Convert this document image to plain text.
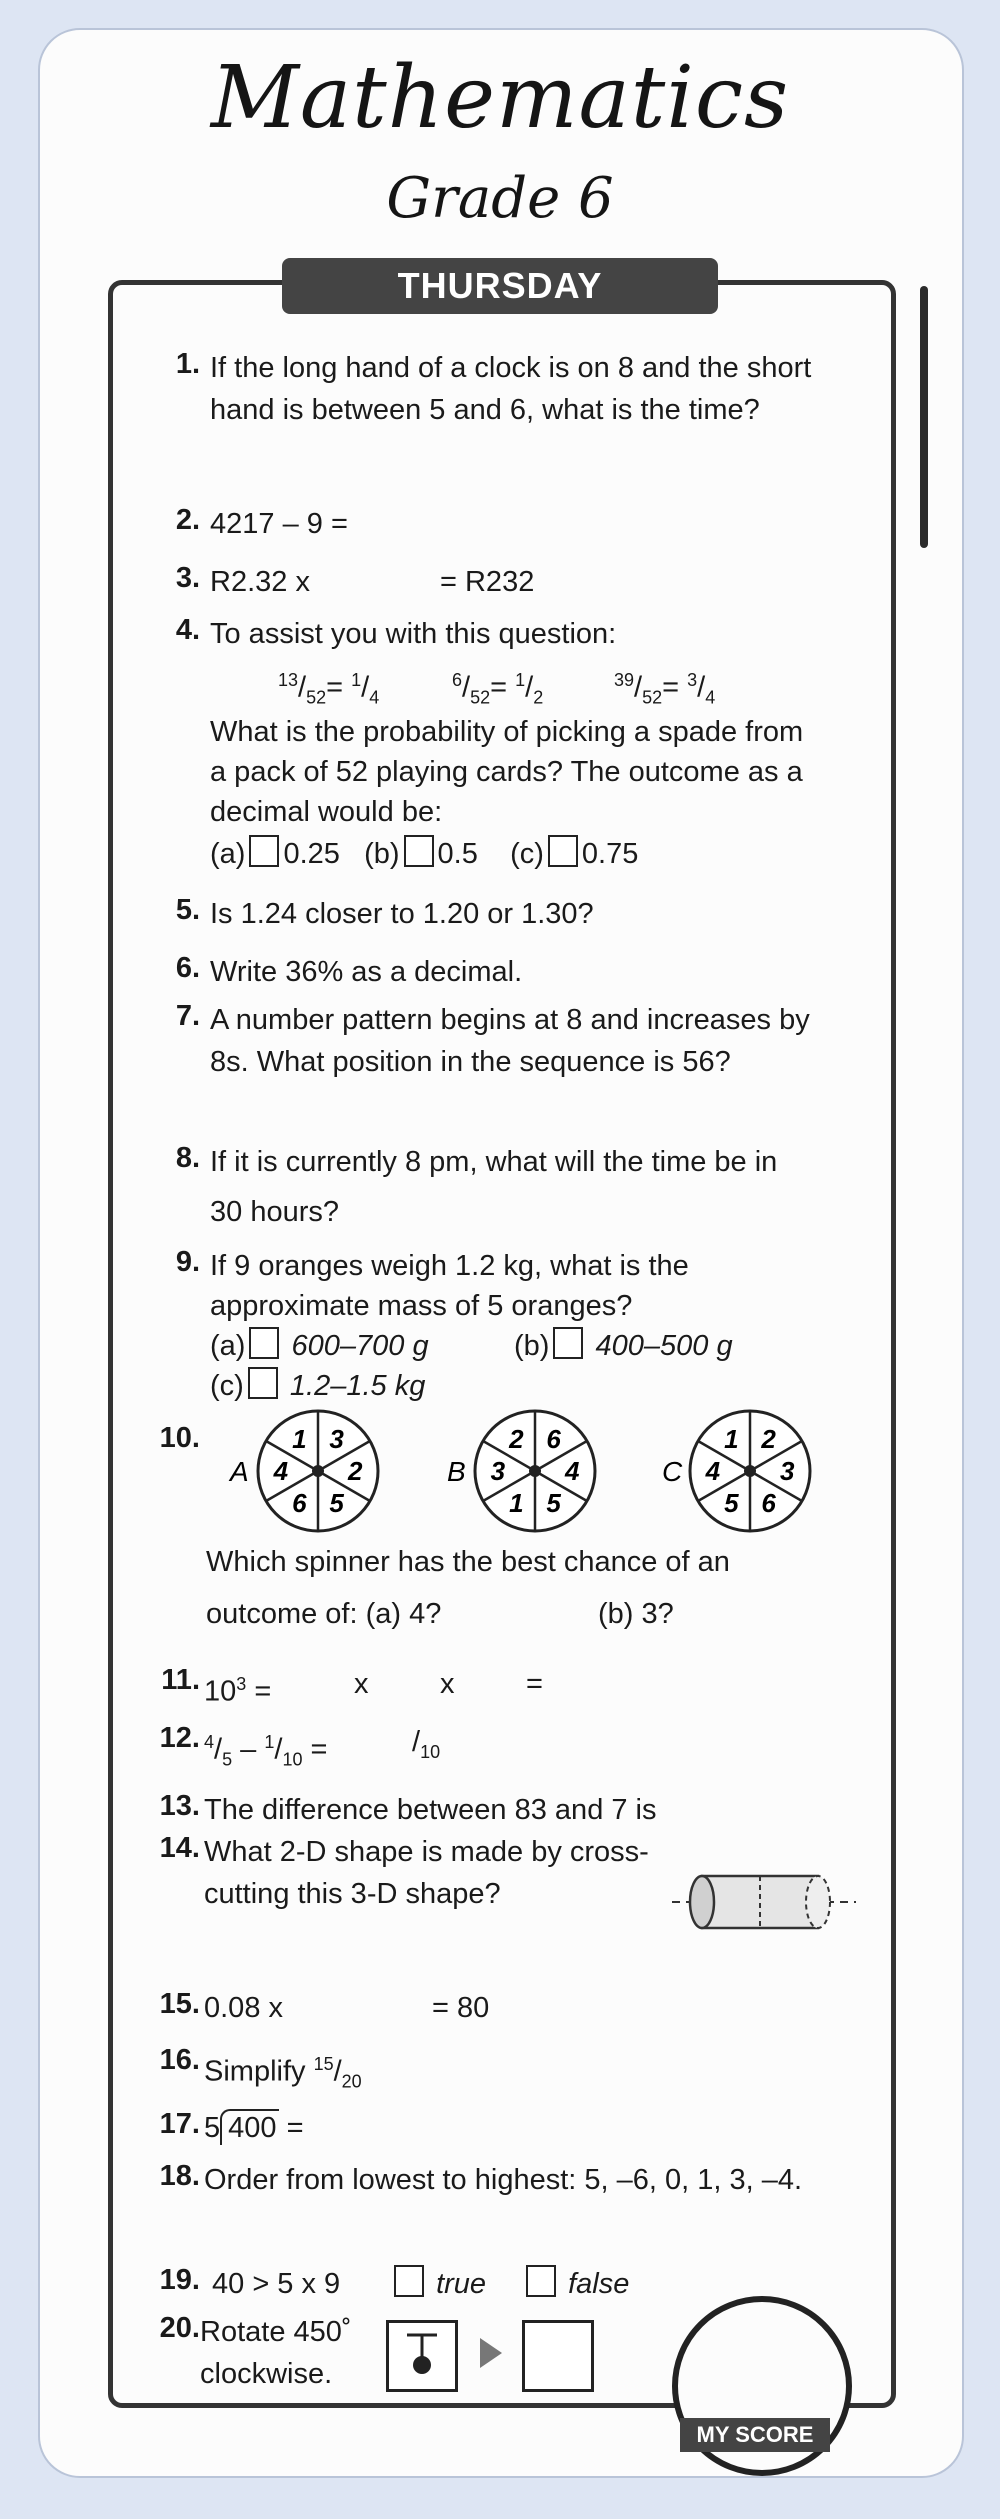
Mathematics
Grade 6
THURSDAY
1. If the long hand of a clock is on 8 and the short
hand is between 5 and 6, what is the time?
2. 4217 – 9 =
3. R2.32 x	= R232
4. To assist you with this question:
$^{13}/_{52}= ^1/_4$
$^6/_{52}= ^1/_2$
$^{39}/_{52}= ^3/_4$
What is the probability of picking a spade from
a pack of 52 playing cards? The outcome as a
decimal would be:
(a) 0.25 (b) 0.5 (c) 0.75
5. Is 1.24 closer to 1.20 or 1.30?
6. Write 36% as a decimal.
7. A number pattern begins at 8 and increases by
8s. What position in the sequence is 56?
8. If it is currently 8 pm, what will the time be in
30 hours?
9. If 9 oranges weigh 1.2 kg, what is the
approximate mass of 5 oranges?
(a) 600–700 g	(b) 400–500 g
(c) 1.2–1.5 kg
10.
A
3
2
5
6
4
1
B
6
4
5
1
3
2
C
2
3
6
5
4
1
Which spinner has the best chance of an
outcome of: (a) 4?	(b) 3?
11. $10^3$ =	x x =
12. $^4/_5 - ^1/_{10}$ =	$/_{10}$
13. The difference between 83 and 7 is
14. What 2-D shape is made by cross-
cutting this 3-D shape?
15. 0.08 x	= 80
16. Simplify $^{15}/_{20}$
17. 5 400 =
18. Order from lowest to highest: 5, –6, 0, 1, 3, –4.
19. 40 > 5 x 9	true	false
20. Rotate 450˚
clockwise.
MY SCORE
